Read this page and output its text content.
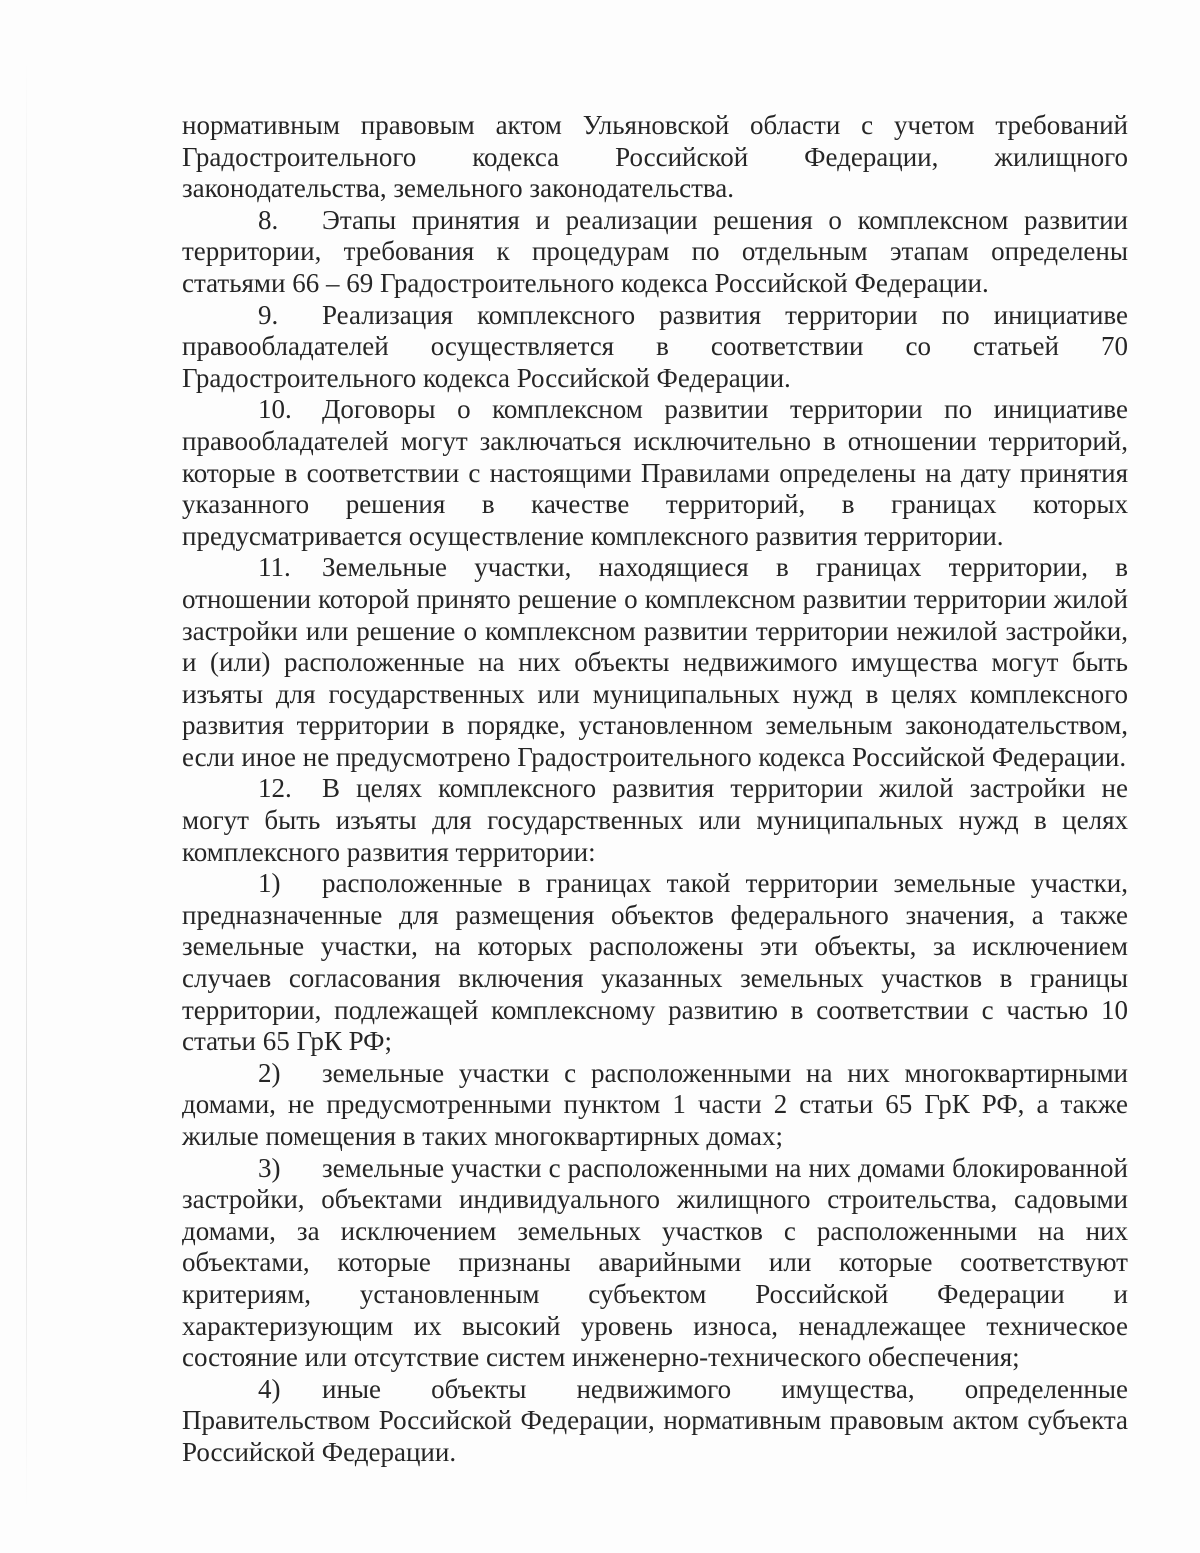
нормативным правовым актом Ульяновской области с учетом требований Градостроительного кодекса Российской Федерации, жилищного законодательства, земельного законодательства.

8. Этапы принятия и реализации решения о комплексном развитии территории, требования к процедурам по отдельным этапам определены статьями 66 – 69 Градостроительного кодекса Российской Федерации.

9. Реализация комплексного развития территории по инициативе правообладателей осуществляется в соответствии со статьей 70 Градостроительного кодекса Российской Федерации.

10. Договоры о комплексном развитии территории по инициативе правообладателей могут заключаться исключительно в отношении территорий, которые в соответствии с настоящими Правилами определены на дату принятия указанного решения в качестве территорий, в границах которых предусматривается осуществление комплексного развития территории.

11. Земельные участки, находящиеся в границах территории, в отношении которой принято решение о комплексном развитии территории жилой застройки или решение о комплексном развитии территории нежилой застройки, и (или) расположенные на них объекты недвижимого имущества могут быть изъяты для государственных или муниципальных нужд в целях комплексного развития территории в порядке, установленном земельным законодательством, если иное не предусмотрено Градостроительного кодекса Российской Федерации.

12. В целях комплексного развития территории жилой застройки не могут быть изъяты для государственных или муниципальных нужд в целях комплексного развития территории:

1) расположенные в границах такой территории земельные участки, предназначенные для размещения объектов федерального значения, а также земельные участки, на которых расположены эти объекты, за исключением случаев согласования включения указанных земельных участков в границы территории, подлежащей комплексному развитию в соответствии с частью 10 статьи 65 ГрК РФ;

2) земельные участки с расположенными на них многоквартирными домами, не предусмотренными пунктом 1 части 2 статьи 65 ГрК РФ, а также жилые помещения в таких многоквартирных домах;

3) земельные участки с расположенными на них домами блокированной застройки, объектами индивидуального жилищного строительства, садовыми домами, за исключением земельных участков с расположенными на них объектами, которые признаны аварийными или которые соответствуют критериям, установленным субъектом Российской Федерации и характеризующим их высокий уровень износа, ненадлежащее техническое состояние или отсутствие систем инженерно-технического обеспечения;

4) иные объекты недвижимого имущества, определенные Правительством Российской Федерации, нормативным правовым актом субъекта Российской Федерации.
